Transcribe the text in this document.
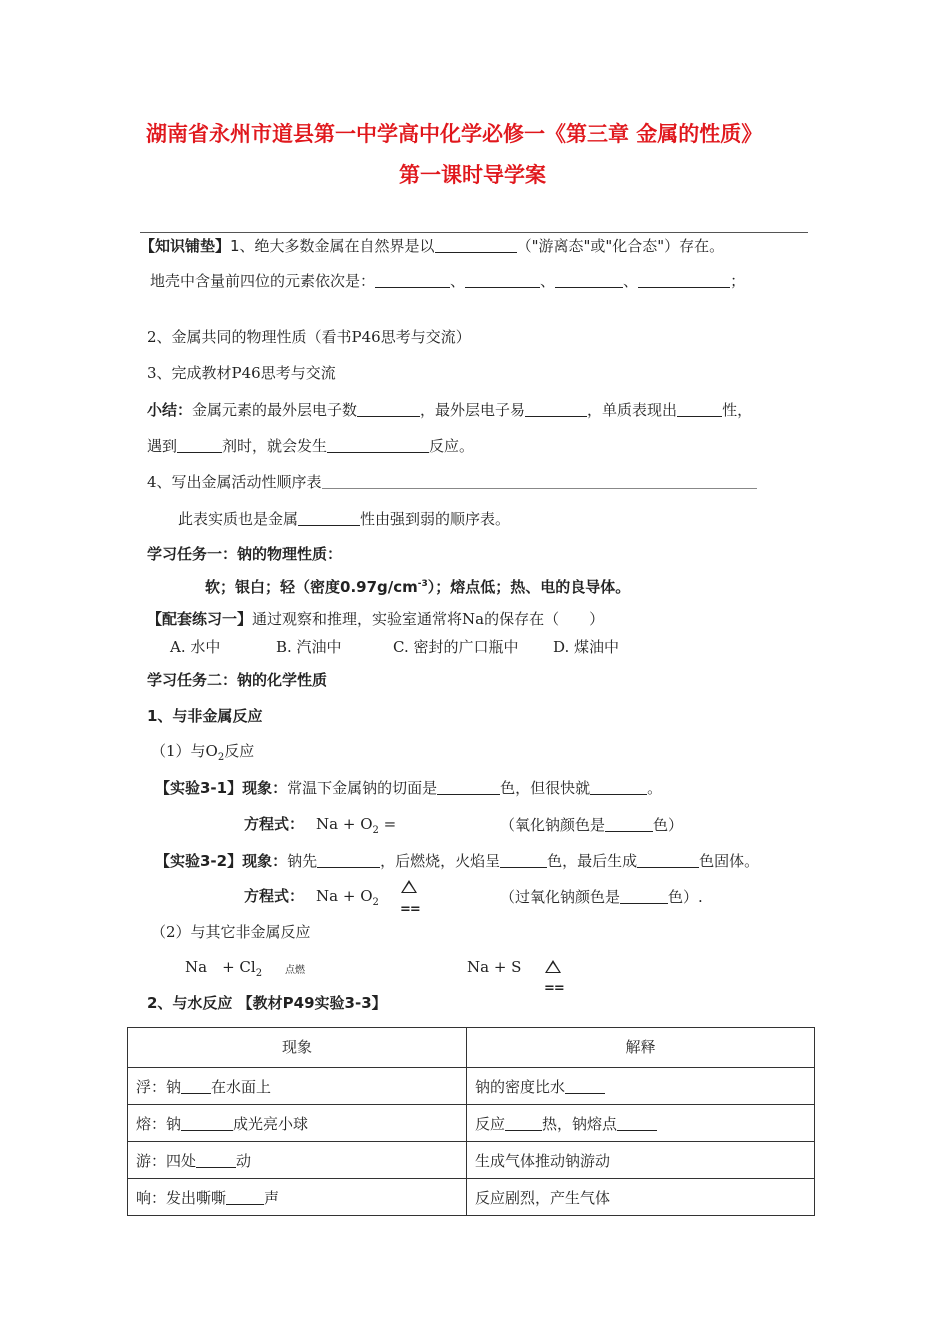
湖南省永州市道县第一中学高中化学必修一《第三章 金属的性质》
第一课时导学案
【知识铺垫】1、绝大多数金属在自然界是以	（"游离态"或"化合态"）存在。
地壳中含量前四位的元素依次是：	、	、	、	；
2、金属共同的物理性质（看书P46思考与交流）
3、完成教材P46思考与交流
小结：金属元素的最外层电子数	，最外层电子易	，单质表现出	性，
遇到	剂时，就会发生	反应。
4、写出金属活动性顺序表
此表实质也是金属	性由强到弱的顺序表。
学习任务一：钠的物理性质：
软；银白；轻（密度$0.97g/cm^{-3}$）；熔点低；热、电的良导体。
【配套练习一】通过观察和推理，实验室通常将Na的保存在（　　）
A. 水中	B. 汽油中	C. 密封的广口瓶中 D. 煤油中
学习任务二：钠的化学性质
1、与非金属反应
（1）与$O_2$反应
【实验3-1】现象：常温下金属钠的切面是	色，但很快就	。
方程式： $Na + O_2$ =	（氧化钠颜色是	色）
【实验3-2】现象：钠先	，后燃烧，火焰呈	色，最后生成	色固体。
方程式： $Na + O_2$ ==
（过氧化钠颜色是	色）.
（2）与其它非金属反应
Na　+ $Cl_2$ 点燃	Na + S
==
2、与水反应 【教材P49实验3-3】
现象	解释
浮：钠 在水面上	钠的密度比水
熔：钠 成光亮小球	反应 热，钠熔点
游：四处 动	生成气体推动钠游动
响：发出嘶嘶 声	反应剧烈，产生气体
